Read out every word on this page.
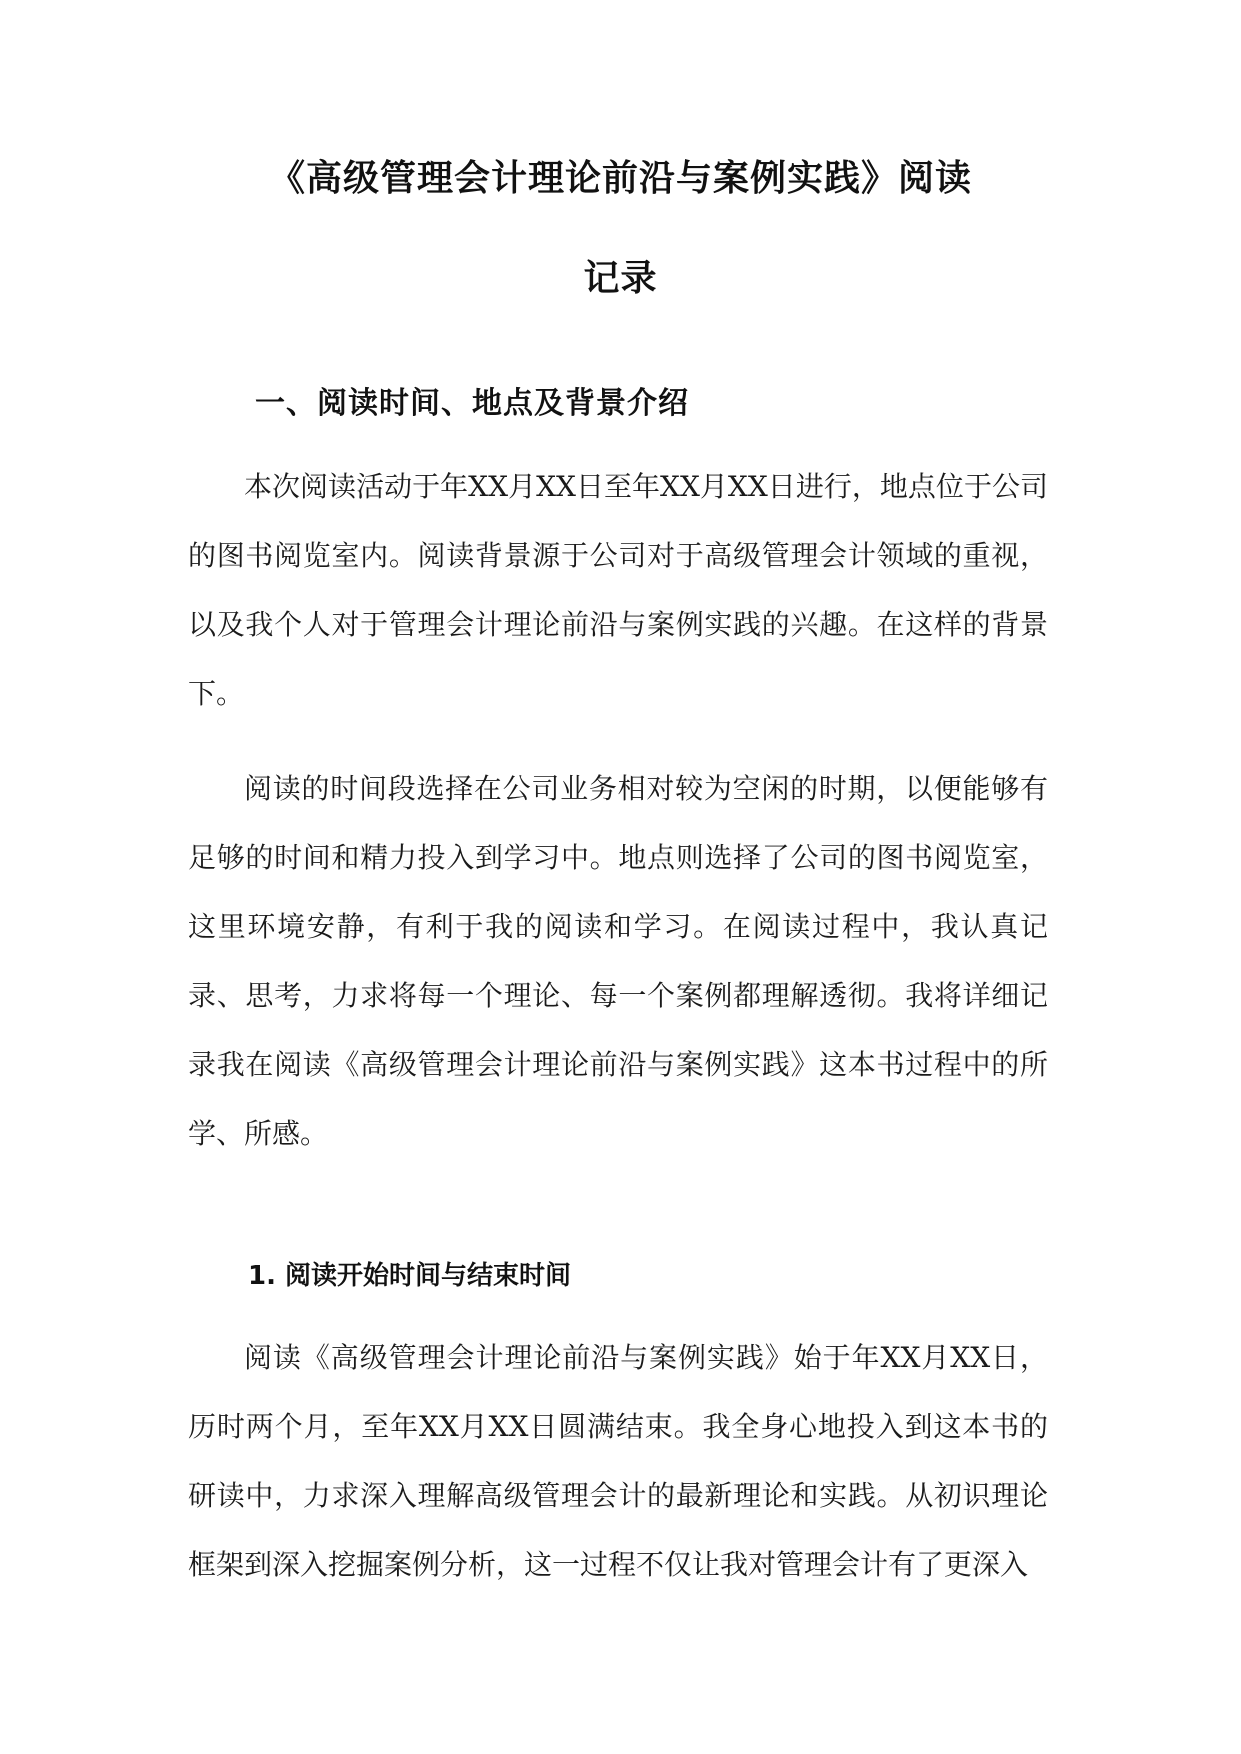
《高级管理会计理论前沿与案例实践》阅读
记录
一、阅读时间、地点及背景介绍

本次阅读活动于年XX月XX日至年XX月XX日进行，地点位于公司的图书阅览室内。阅读背景源于公司对于高级管理会计领域的重视，以及我个人对于管理会计理论前沿与案例实践的兴趣。在这样的背景下。

阅读的时间段选择在公司业务相对较为空闲的时期，以便能够有足够的时间和精力投入到学习中。地点则选择了公司的图书阅览室，这里环境安静，有利于我的阅读和学习。在阅读过程中，我认真记录、思考，力求将每一个理论、每一个案例都理解透彻。我将详细记录我在阅读《高级管理会计理论前沿与案例实践》这本书过程中的所学、所感。

1. 阅读开始时间与结束时间

阅读《高级管理会计理论前沿与案例实践》始于年XX月XX日，历时两个月，至年XX月XX日圆满结束。我全身心地投入到这本书的研读中，力求深入理解高级管理会计的最新理论和实践。从初识理论框架到深入挖掘案例分析，这一过程不仅让我对管理会计有了更深入
